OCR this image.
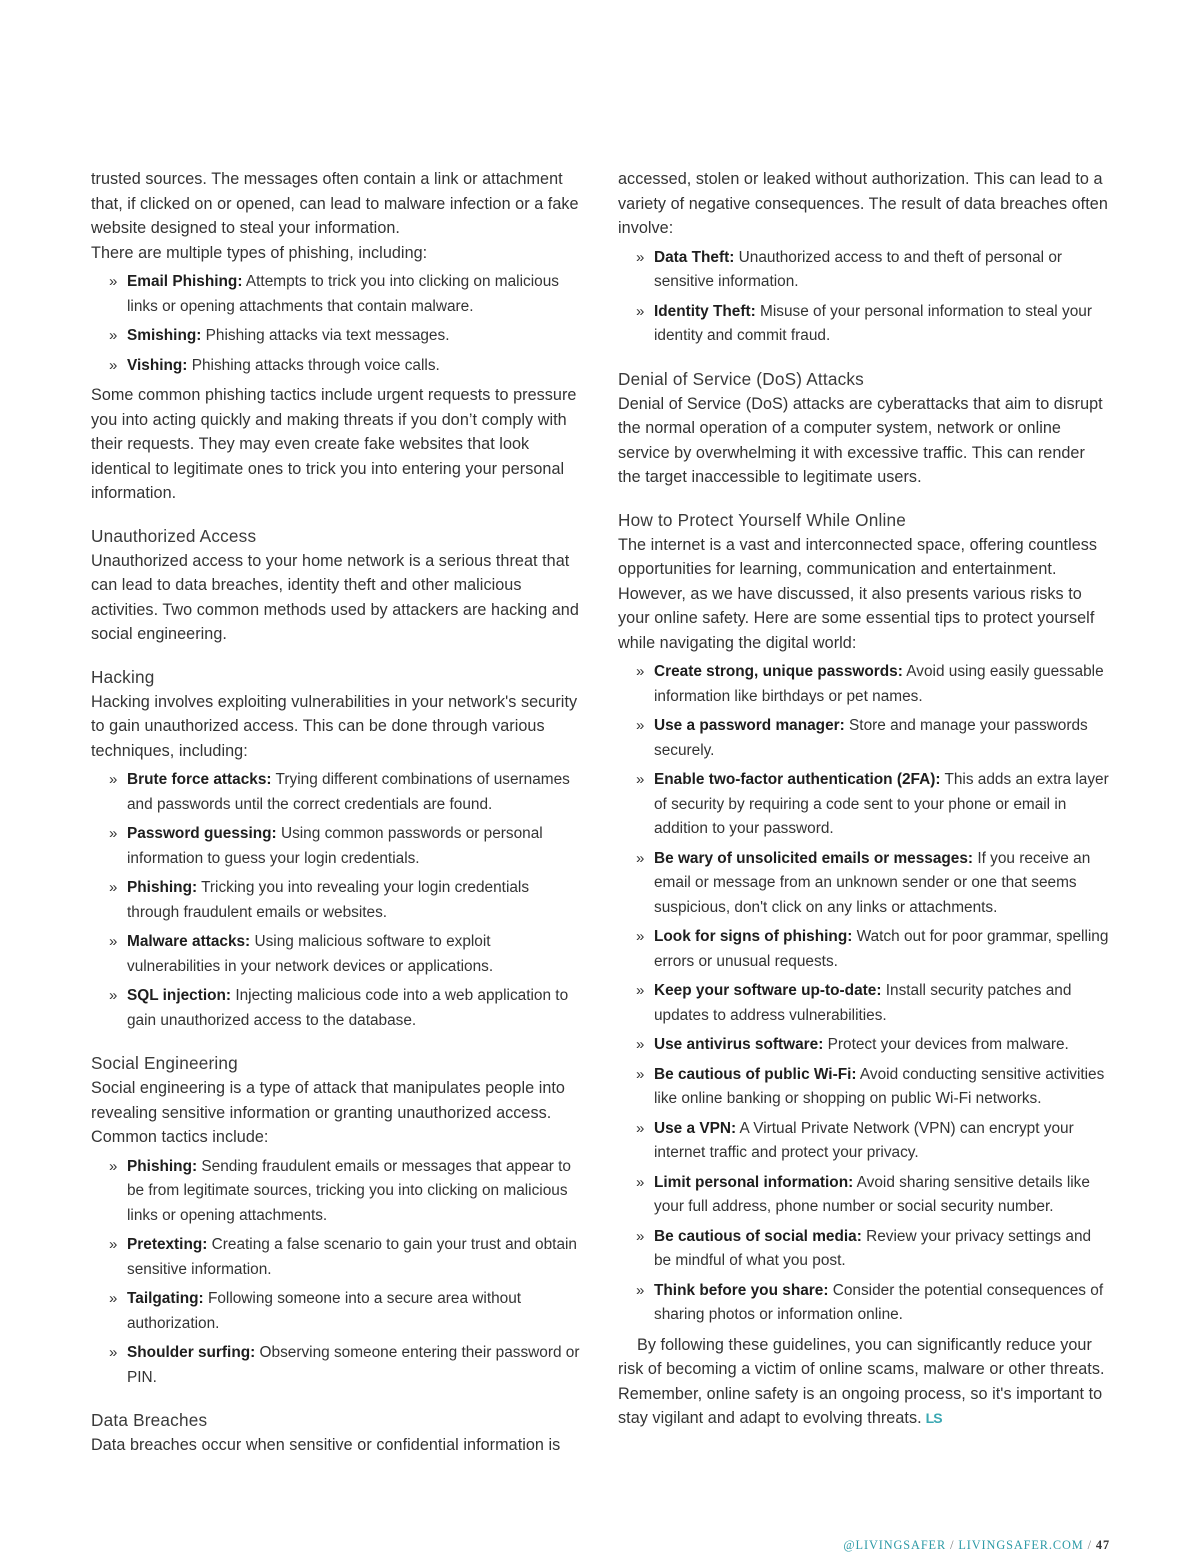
trusted sources. The messages often contain a link or attachment that, if clicked on or opened, can lead to malware infection or a fake website designed to steal your information.

There are multiple types of phishing, including:

» Email Phishing: Attempts to trick you into clicking on malicious links or opening attachments that contain malware.
» Smishing: Phishing attacks via text messages.
» Vishing: Phishing attacks through voice calls.

Some common phishing tactics include urgent requests to pressure you into acting quickly and making threats if you don’t comply with their requests. They may even create fake websites that look identical to legitimate ones to trick you into entering your personal information.

Unauthorized Access

Unauthorized access to your home network is a serious threat that can lead to data breaches, identity theft and other malicious activities. Two common methods used by attackers are hacking and social engineering.

Hacking

Hacking involves exploiting vulnerabilities in your network's security to gain unauthorized access. This can be done through various techniques, including:

» Brute force attacks: Trying different combinations of usernames and passwords until the correct credentials are found.
» Password guessing: Using common passwords or personal information to guess your login credentials.
» Phishing: Tricking you into revealing your login credentials through fraudulent emails or websites.
» Malware attacks: Using malicious software to exploit vulnerabilities in your network devices or applications.
» SQL injection: Injecting malicious code into a web application to gain unauthorized access to the database.
Social Engineering

Social engineering is a type of attack that manipulates people into revealing sensitive information or granting unauthorized access. Common tactics include:

» Phishing: Sending fraudulent emails or messages that appear to be from legitimate sources, tricking you into clicking on malicious links or opening attachments.
» Pretexting: Creating a false scenario to gain your trust and obtain sensitive information.
» Tailgating: Following someone into a secure area without authorization.
» Shoulder surfing: Observing someone entering their password or PIN.
Data Breaches

Data breaches occur when sensitive or confidential information is

accessed, stolen or leaked without authorization. This can lead to a variety of negative consequences. The result of data breaches often involve:

» Data Theft: Unauthorized access to and theft of personal or sensitive information.
» Identity Theft: Misuse of your personal information to steal your identity and commit fraud.
Denial of Service (DoS) Attacks

Denial of Service (DoS) attacks are cyberattacks that aim to disrupt the normal operation of a computer system, network or online service by overwhelming it with excessive traffic. This can render the target inaccessible to legitimate users.

How to Protect Yourself While Online

The internet is a vast and interconnected space, offering countless opportunities for learning, communication and entertainment. However, as we have discussed, it also presents various risks to your online safety. Here are some essential tips to protect yourself while navigating the digital world:

» Create strong, unique passwords: Avoid using easily guessable information like birthdays or pet names.
» Use a password manager: Store and manage your passwords securely.
» Enable two-factor authentication (2FA): This adds an extra layer of security by requiring a code sent to your phone or email in addition to your password.
» Be wary of unsolicited emails or messages: If you receive an email or message from an unknown sender or one that seems suspicious, don't click on any links or attachments.
» Look for signs of phishing: Watch out for poor grammar, spelling errors or unusual requests.
» Keep your software up-to-date: Install security patches and updates to address vulnerabilities.
» Use antivirus software: Protect your devices from malware.
» Be cautious of public Wi-Fi: Avoid conducting sensitive activities like online banking or shopping on public Wi-Fi networks.
» Use a VPN: A Virtual Private Network (VPN) can encrypt your internet traffic and protect your privacy.
» Limit personal information: Avoid sharing sensitive details like your full address, phone number or social security number.
» Be cautious of social media: Review your privacy settings and be mindful of what you post.
» Think before you share: Consider the potential consequences of sharing photos or information online.

By following these guidelines, you can significantly reduce your risk of becoming a victim of online scams, malware or other threats. Remember, online safety is an ongoing process, so it's important to stay vigilant and adapt to evolving threats. LS

@LIVINGSAFER / LIVINGSAFER.COM / 47
